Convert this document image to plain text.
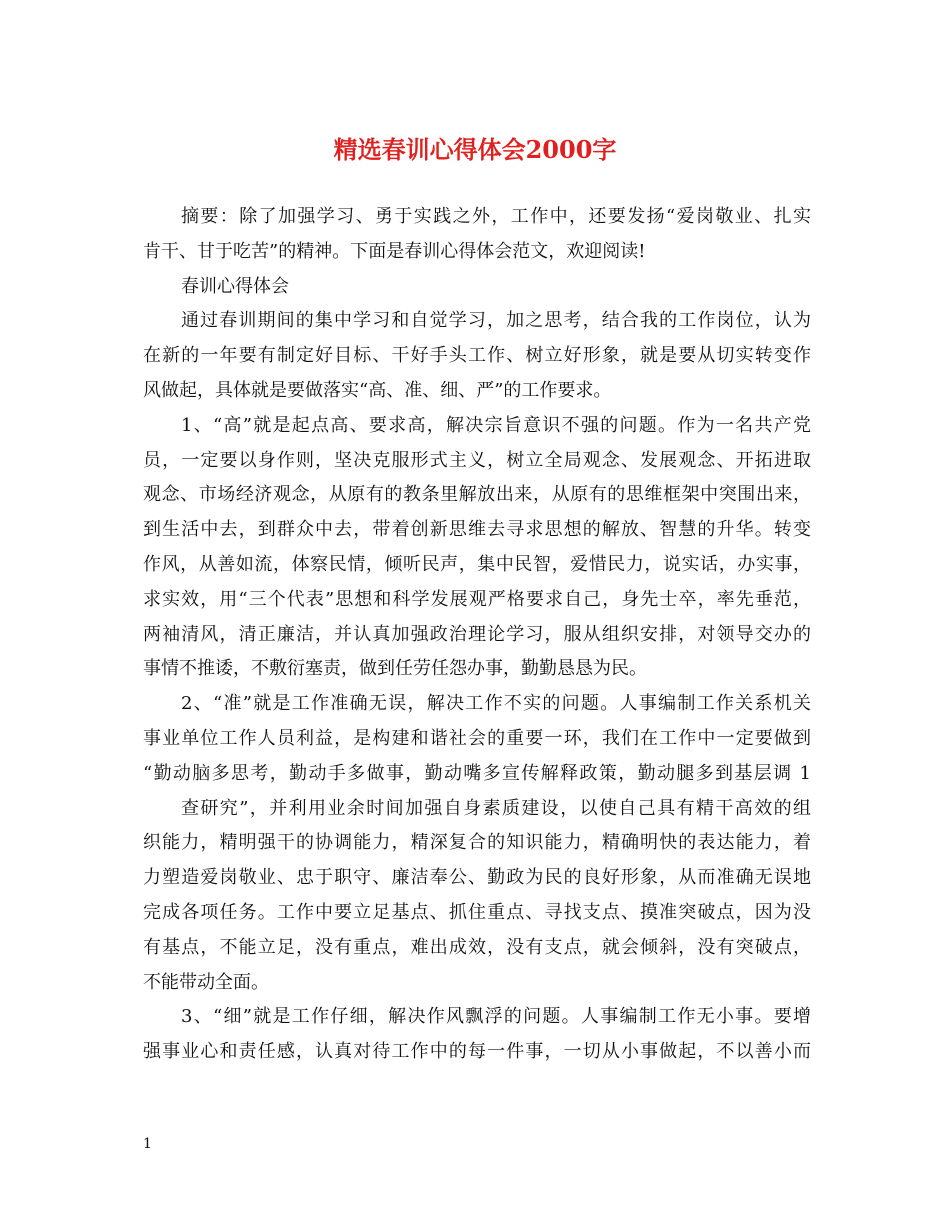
精选春训心得体会2000字
摘要：除了加强学习、勇于实践之外，工作中，还要发扬“爱岗敬业、扎实
肯干、甘于吃苦”的精神。下面是春训心得体会范文，欢迎阅读!
春训心得体会
通过春训期间的集中学习和自觉学习，加之思考，结合我的工作岗位，认为
在新的一年要有制定好目标、干好手头工作、树立好形象，就是要从切实转变作
风做起，具体就是要做落实“高、准、细、严”的工作要求。
1、“高”就是起点高、要求高，解决宗旨意识不强的问题。作为一名共产党
员，一定要以身作则，坚决克服形式主义，树立全局观念、发展观念、开拓进取
观念、市场经济观念，从原有的教条里解放出来，从原有的思维框架中突围出来，
到生活中去，到群众中去，带着创新思维去寻求思想的解放、智慧的升华。转变
作风，从善如流，体察民情，倾听民声，集中民智，爱惜民力，说实话，办实事，
求实效，用“三个代表”思想和科学发展观严格要求自己，身先士卒，率先垂范，
两袖清风，清正廉洁，并认真加强政治理论学习，服从组织安排，对领导交办的
事情不推诿，不敷衍塞责，做到任劳任怨办事，勤勤恳恳为民。
2、“准”就是工作准确无误，解决工作不实的问题。人事编制工作关系机关
事业单位工作人员利益，是构建和谐社会的重要一环，我们在工作中一定要做到
“勤动脑多思考，勤动手多做事，勤动嘴多宣传解释政策，勤动腿多到基层调 1
查研究”，并利用业余时间加强自身素质建设，以使自己具有精干高效的组
织能力，精明强干的协调能力，精深复合的知识能力，精确明快的表达能力，着
力塑造爱岗敬业、忠于职守、廉洁奉公、勤政为民的良好形象，从而准确无误地
完成各项任务。工作中要立足基点、抓住重点、寻找支点、摸准突破点，因为没
有基点，不能立足，没有重点，难出成效，没有支点，就会倾斜，没有突破点，
不能带动全面。
3、“细”就是工作仔细，解决作风飘浮的问题。人事编制工作无小事。要增
强事业心和责任感，认真对待工作中的每一件事，一切从小事做起，不以善小而
1
